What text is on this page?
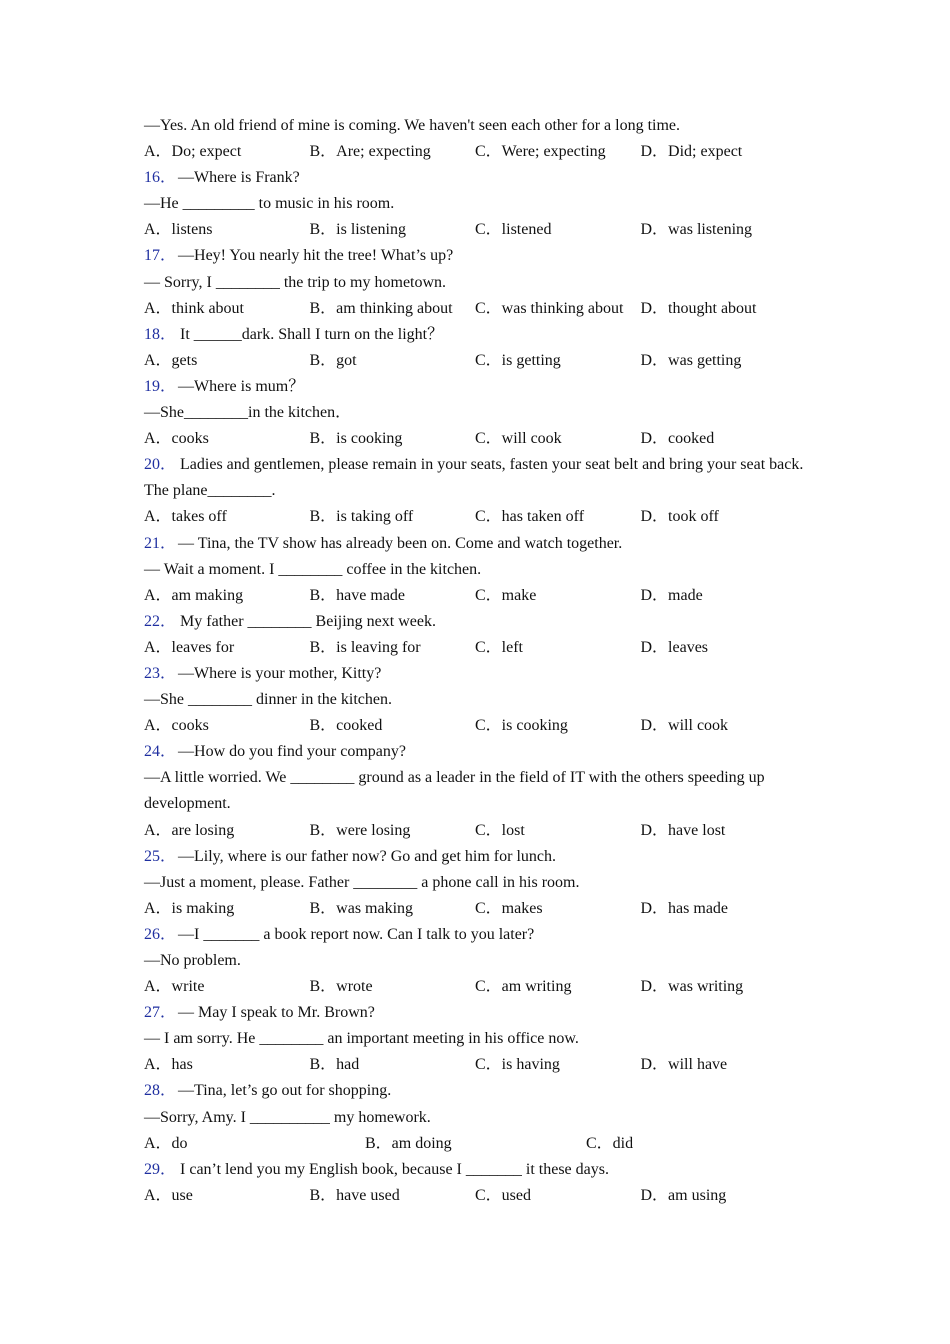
—Yes. An old friend of mine is coming. We haven't seen each other for a long time.
A．Do; expect	B．Are; expecting	C．Were; expecting	D．Did; expect
16． —Where is Frank?
—He _________ to music in his room.
A．listens	B．is listening	C．listened	D．was listening
17． —Hey! You nearly hit the tree! What’s up?
— Sorry, I ________ the trip to my hometown.
A．think about	B．am thinking about	C．was thinking about	D．thought about
18． It ______dark. Shall I turn on the light？
A．gets	B．got	C．is getting	D．was getting
19． —Where is mum？
—She________in the kitchen．
A．cooks	B．is cooking	C．will cook	D．cooked
20． Ladies and gentlemen, please remain in your seats, fasten your seat belt and bring your seat back. The plane________.
A．takes off	B．is taking off	C．has taken off	D．took off
21． — Tina, the TV show has already been on. Come and watch together.
— Wait a moment. I ________ coffee in the kitchen.
A．am making	B．have made	C．make	D．made
22． My father ________ Beijing next week.
A．leaves for	B．is leaving for	C．left	D．leaves
23． —Where is your mother, Kitty?
—She ________ dinner in the kitchen.
A．cooks	B．cooked	C．is cooking	D．will cook
24． —How do you find your company?
—A little worried. We ________ ground as a leader in the field of IT with the others speeding up development.
A．are losing	B．were losing	C．lost	D．have lost
25． —Lily, where is our father now? Go and get him for lunch.
—Just a moment, please. Father ________ a phone call in his room.
A．is making	B．was making	C．makes	D．has made
26． —I _______ a book report now. Can I talk to you later?
—No problem.
A．write	B．wrote	C．am writing	D．was writing
27． — May I speak to Mr. Brown?
— I am sorry. He ________ an important meeting in his office now.
A．has	B．had	C．is having	D．will have
28． —Tina, let’s go out for shopping.
—Sorry, Amy. I __________ my homework.
A．do	B．am doing	C．did
29． I can’t lend you my English book, because I _______ it these days.
A．use	B．have used	C．used	D．am using
